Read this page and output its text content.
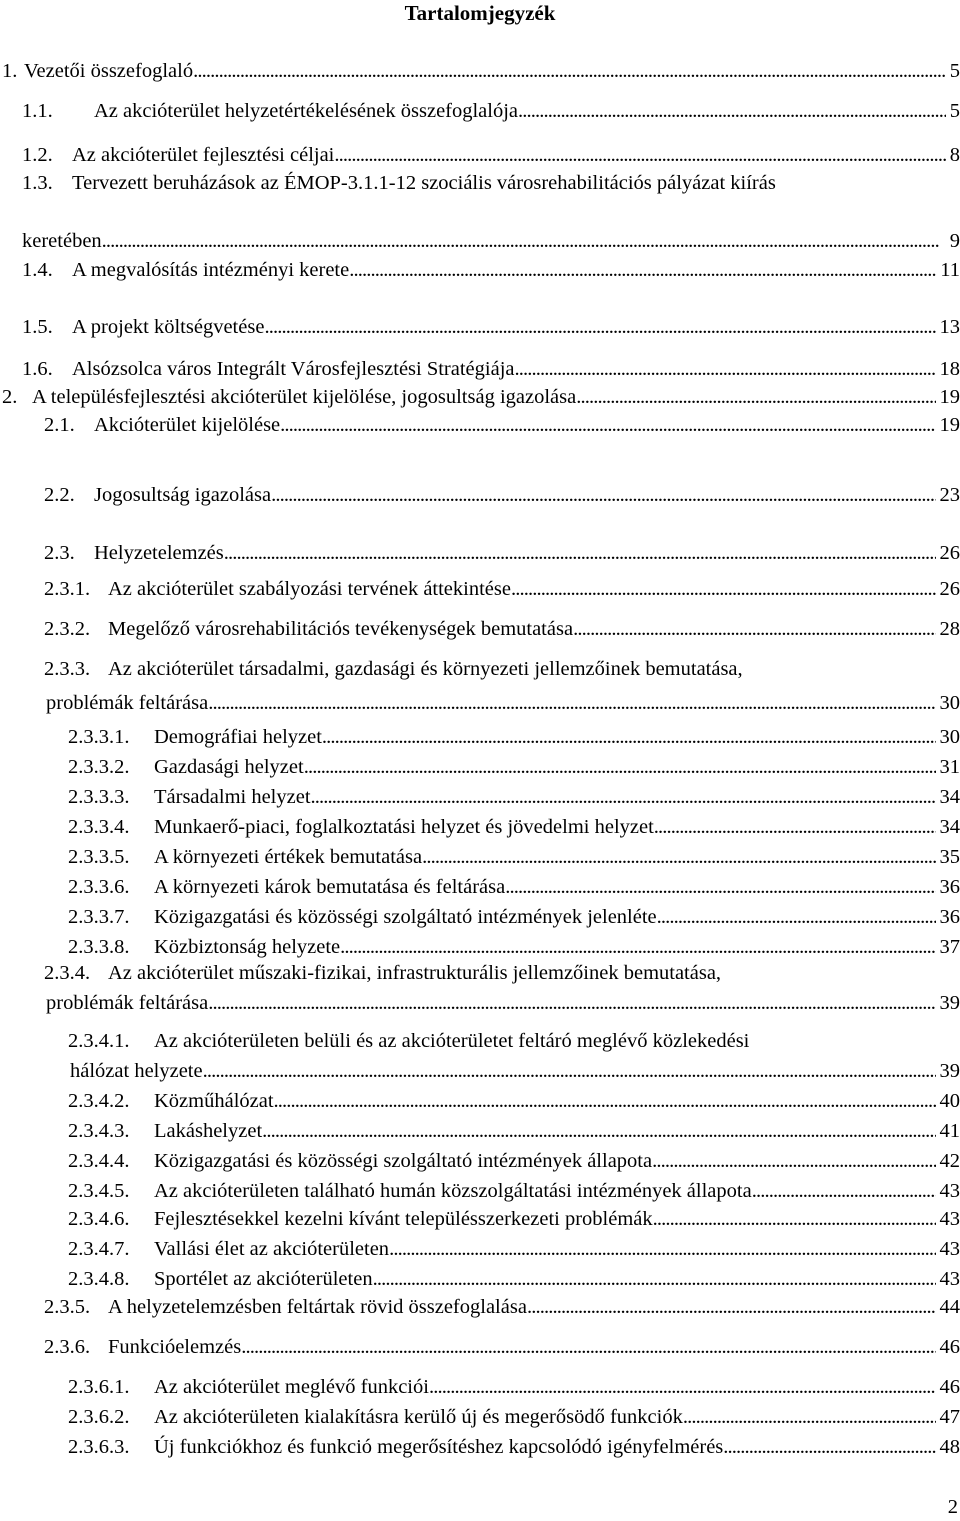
Tartalomjegyzék
1. Vezetői összefoglaló . . .	5
1.1.	Az akcióterület helyzetértékelésének összefoglalója . . .	5
1.2. Az akcióterület fejlesztési céljai . . .	8
1.3. Tervezett beruházások az ÉMOP-3.1.1-12 szociális városrehabilitációs pályázat kiírás
keretében . . .	9
1.4. A megvalósítás intézményi kerete . . .	11
1.5. A projekt költségvetése . . .	13
1.6. Alsózsolca város Integrált Városfejlesztési Stratégiája . . .	18
2. A településfejlesztési akcióterület kijelölése, jogosultság igazolása . . .	19
2.1. Akcióterület kijelölése . . .	19
2.2. Jogosultság igazolása . . .	23
2.3. Helyzetelemzés . . .	26
2.3.1. Az akcióterület szabályozási tervének áttekintése . . .	26
2.3.2. Megelőző városrehabilitációs tevékenységek bemutatása . . .	28
2.3.3. Az akcióterület társadalmi, gazdasági és környezeti jellemzőinek bemutatása,
problémák feltárása . . .	30
2.3.3.1.	Demográfiai helyzet . . .	30
2.3.3.2.	Gazdasági helyzet . . .	31
2.3.3.3.	Társadalmi helyzet . . .	34
2.3.3.4.	Munkaerő-piaci, foglalkoztatási helyzet és jövedelmi helyzet . . .	34
2.3.3.5.	A környezeti értékek bemutatása . . .	35
2.3.3.6.	A környezeti károk bemutatása és feltárása . . .	36
2.3.3.7.	Közigazgatási és közösségi szolgáltató intézmények jelenléte . . .	36
2.3.3.8.	Közbiztonság helyzete . . .	37
2.3.4. Az akcióterület műszaki-fizikai, infrastrukturális jellemzőinek bemutatása,
problémák feltárása . . .	39
2.3.4.1.	Az akcióterületen belüli és az akcióterületet feltáró meglévő közlekedési
hálózat helyzete . . .	39
2.3.4.2.	Közműhálózat . . .	40
2.3.4.3.	Lakáshelyzet . . .	41
2.3.4.4.	Közigazgatási és közösségi szolgáltató intézmények állapota . . .	42
2.3.4.5.	Az akcióterületen található humán közszolgáltatási intézmények állapota . . .	43
2.3.4.6.	Fejlesztésekkel kezelni kívánt településszerkezeti problémák . . .	43
2.3.4.7.	Vallási élet az akcióterületen . . .	43
2.3.4.8.	Sportélet az akcióterületen . . .	43
2.3.5. A helyzetelemzésben feltártak rövid összefoglalása . . .	44
2.3.6. Funkcióelemzés . . .	46
2.3.6.1.	Az akcióterület meglévő funkciói . . .	46
2.3.6.2.	Az akcióterületen kialakításra kerülő új és megerősödő funkciók . . .	47
2.3.6.3.	Új funkciókhoz és funkció megerősítéshez kapcsolódó igényfelmérés . . .	48
2
